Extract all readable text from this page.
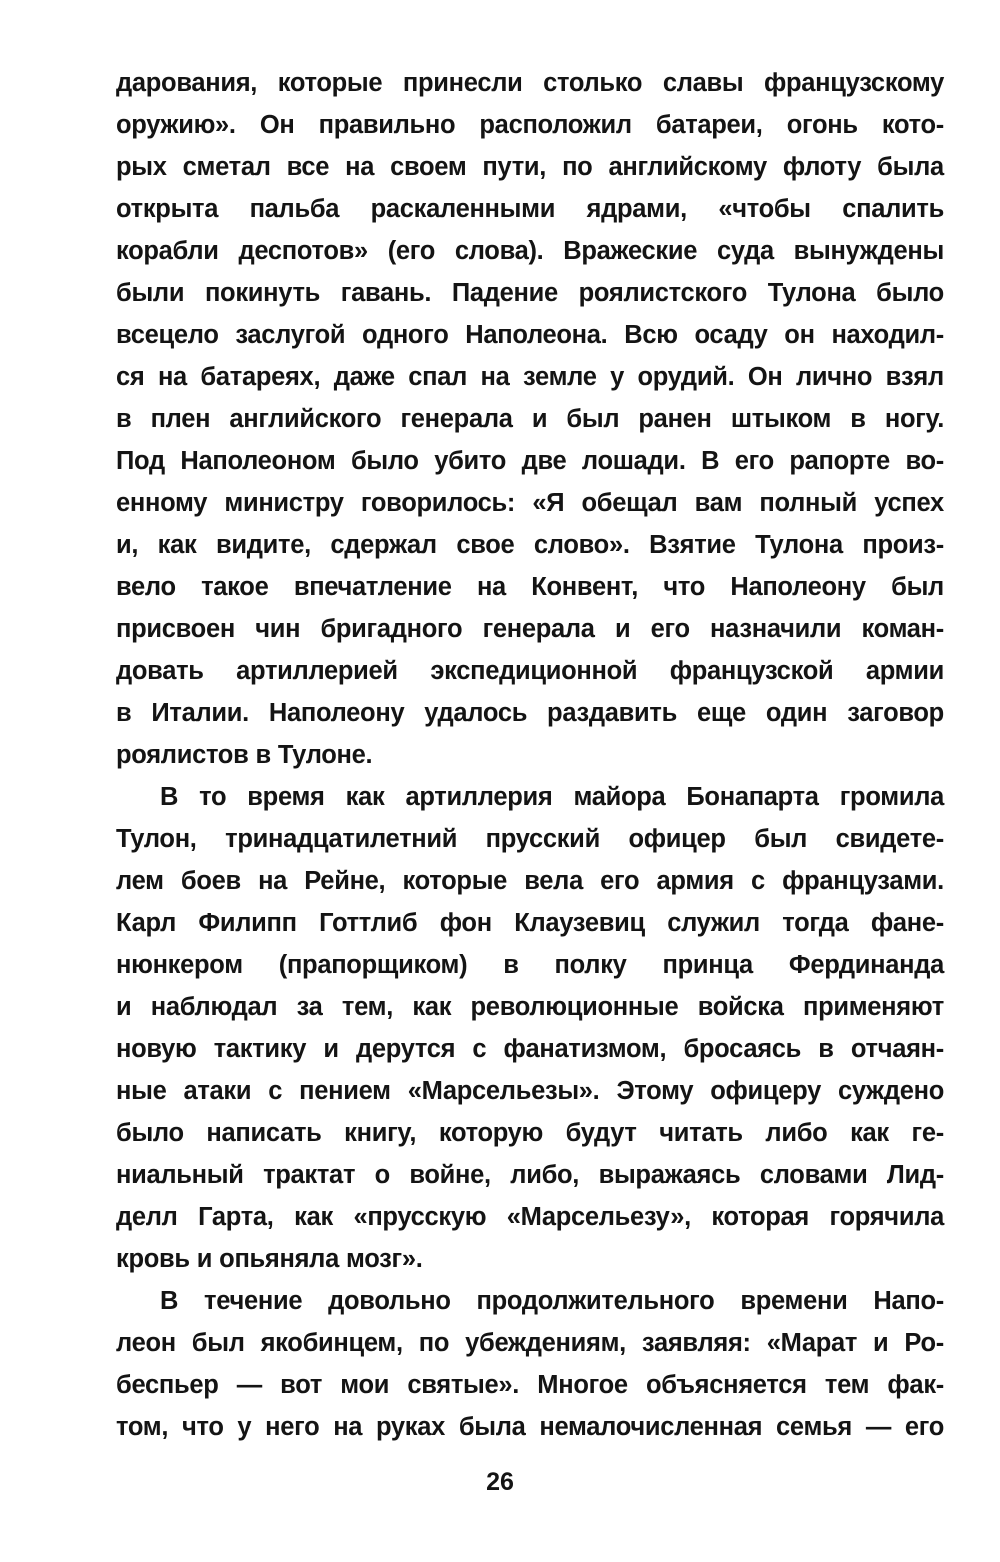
дарования, которые принесли столько славы французскому
оружию». Он правильно расположил батареи, огонь кото-
рых сметал все на своем пути, по английскому флоту была
открыта пальба раскаленными ядрами, «чтобы спалить
корабли деспотов» (его слова). Вражеские суда вынуждены
были покинуть гавань. Падение роялистского Тулона было
всецело заслугой одного Наполеона. Всю осаду он находил-
ся на батареях, даже спал на земле у орудий. Он лично взял
в плен английского генерала и был ранен штыком в ногу.
Под Наполеоном было убито две лошади. В его рапорте во-
енному министру говорилось: «Я обещал вам полный успех
и, как видите, сдержал свое слово». Взятие Тулона произ-
вело такое впечатление на Конвент, что Наполеону был
присвоен чин бригадного генерала и его назначили коман-
довать артиллерией экспедиционной французской армии
в Италии. Наполеону удалось раздавить еще один заговор
роялистов в Тулоне.
В то время как артиллерия майора Бонапарта громила
Тулон, тринадцатилетний прусский офицер был свидете-
лем боев на Рейне, которые вела его армия с французами.
Карл Филипп Готтлиб фон Клаузевиц служил тогда фане-
нюнкером (прапорщиком) в полку принца Фердинанда
и наблюдал за тем, как революционные войска применяют
новую тактику и дерутся с фанатизмом, бросаясь в отчаян-
ные атаки с пением «Марсельезы». Этому офицеру суждено
было написать книгу, которую будут читать либо как ге-
ниальный трактат о войне, либо, выражаясь словами Лид-
делл Гарта, как «прусскую «Марсельезу», которая горячила
кровь и опьяняла мозг».
В течение довольно продолжительного времени Напо-
леон был якобинцем, по убеждениям, заявляя: «Марат и Ро-
беспьер — вот мои святые». Многое объясняется тем фак-
том, что у него на руках была немалочисленная семья — его
26
